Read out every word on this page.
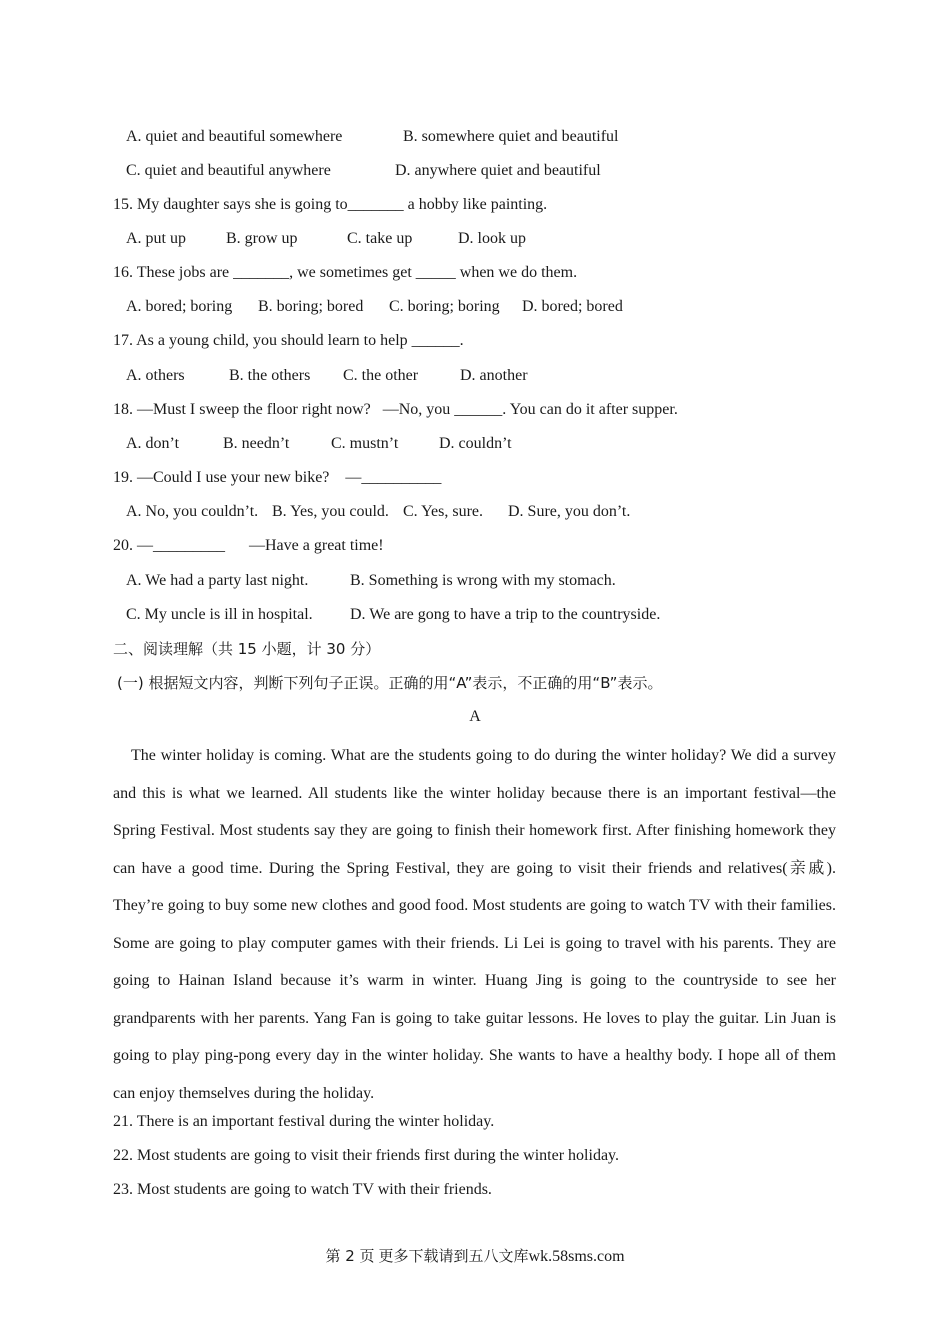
A. quiet and beautiful somewhere	B. somewhere quiet and beautiful
C. quiet and beautiful anywhere	D. anywhere quiet and beautiful
15. My daughter says she is going to_______ a hobby like painting.
A. put up	B. grow up	C. take up	D. look up
16. These jobs are _______, we sometimes get _____ when we do them.
A. bored; boring B. boring; bored C. boring; boring D. bored; bored
17. As a young child, you should learn to help ______.
A. others	B. the others C. the other	D. another
18. —Must I sweep the floor right now?   —No, you ______. You can do it after supper.
A. don’t	B. needn’t	C. mustn’t	D. couldn’t
19. —Could I use your new bike?    —__________
A. No, you couldn’t. B. Yes, you could. C. Yes, sure. D. Sure, you don’t.
20. —_________      —Have a great time!
A. We had a party last night.	B. Something is wrong with my stomach.
C. My uncle is ill in hospital. D. We are gong to have a trip to the countryside.
二、阅读理解（共 15 小题，计 30 分）
(一) 根据短文内容，判断下列句子正误。正确的用“A”表示，不正确的用“B”表示。
A
The winter holiday is coming. What are the students going to do during the winter holiday? We did a survey and this is what we learned. All students like the winter holiday because there is an important festival—the Spring Festival. Most students say they are going to finish their homework first. After finishing homework they can have a good time. During the Spring Festival, they are going to visit their friends and relatives(亲戚). They’re going to buy some new clothes and good food. Most students are going to watch TV with their families. Some are going to play computer games with their friends. Li Lei is going to travel with his parents. They are going to Hainan Island because it’s warm in winter. Huang Jing is going to the countryside to see her grandparents with her parents. Yang Fan is going to take guitar lessons. He loves to play the guitar. Lin Juan is going to play ping-pong every day in the winter holiday. She wants to have a healthy body. I hope all of them can enjoy themselves during the holiday.
21. There is an important festival during the winter holiday.
22. Most students are going to visit their friends first during the winter holiday.
23. Most students are going to watch TV with their friends.
第 2 页 更多下载请到五八文库wk.58sms.com
